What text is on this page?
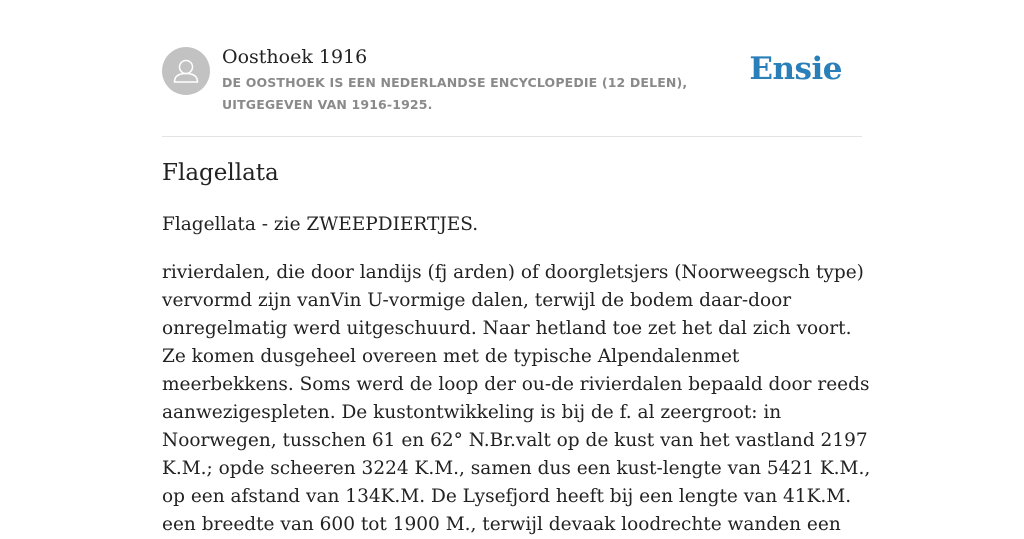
Oosthoek 1916
DE OOSTHOEK IS EEN NEDERLANDSE ENCYCLOPEDIE (12 DELEN), UITGEGEVEN VAN 1916-1925.
Ensie
Flagellata

Flagellata - zie ZWEEPDIERTJES.

rivierdalen, die door landijs (fj arden) of doorgletsjers (Noorweegsch type) vervormd zijn vanVin U-vormige dalen, terwijl de bodem daar-door onregelmatig werd uitgeschuurd. Naar hetland toe zet het dal zich voort. Ze komen dusgeheel overeen met de typische Alpendalenmet meerbekkens. Soms werd de loop der ou-de rivierdalen bepaald door reeds aanwezigespleten. De kustontwikkeling is bij de f. al zeergroot: in Noorwegen, tusschen 61 en 62° N.Br.valt op de kust van het vastland 2197 K.M.; opde scheeren 3224 K.M., samen dus een kust-lengte van 5421 K.M., op een afstand van 134K.M. De Lysefjord heeft bij een lengte van 41K.M. een breedte van 600 tot 1900 M., terwijl devaak loodrechte wanden een
